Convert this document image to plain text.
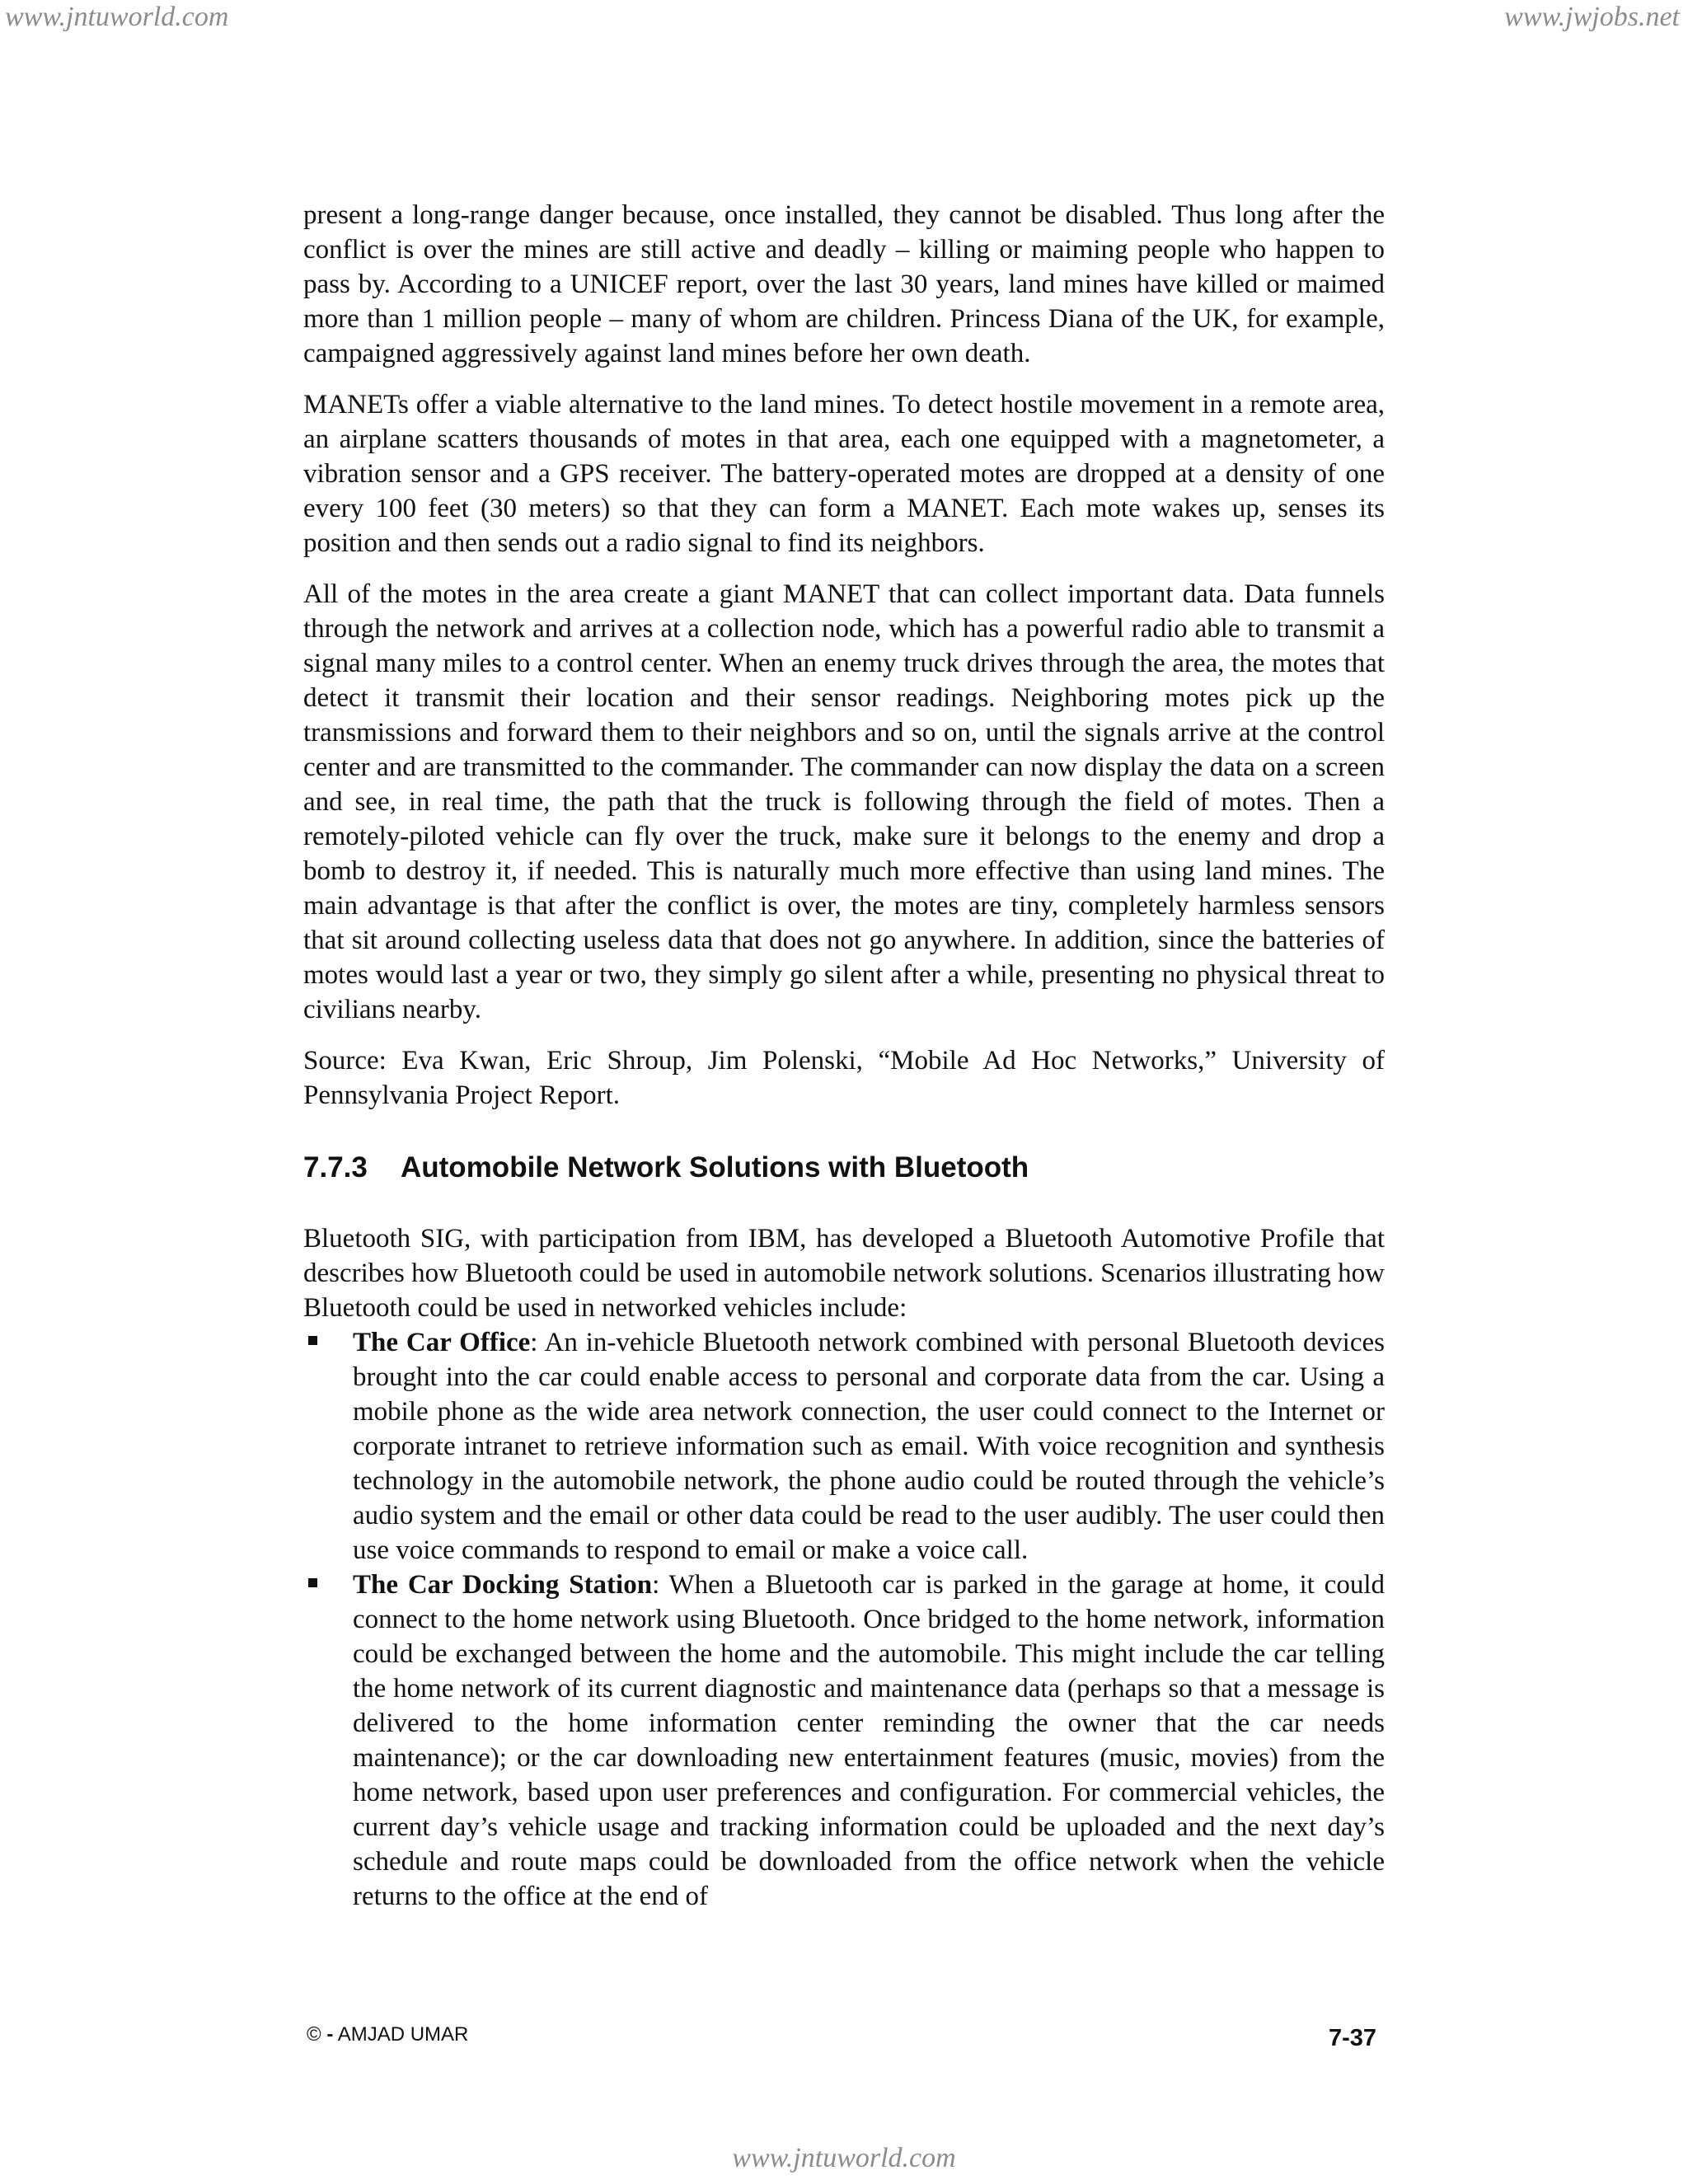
www.jntuworld.com	www.jwjobs.net

present a long-range danger because, once installed, they cannot be disabled. Thus long after the conflict is over the mines are still active and deadly – killing or maiming people who happen to pass by. According to a UNICEF report, over the last 30 years, land mines have killed or maimed more than 1 million people – many of whom are children. Princess Diana of the UK, for example, campaigned aggressively against land mines before her own death.

MANETs offer a viable alternative to the land mines. To detect hostile movement in a remote area, an airplane scatters thousands of motes in that area, each one equipped with a magnetometer, a vibration sensor and a GPS receiver. The battery-operated motes are dropped at a density of one every 100 feet (30 meters) so that they can form a MANET. Each mote wakes up, senses its position and then sends out a radio signal to find its neighbors.

All of the motes in the area create a giant MANET that can collect important data. Data funnels through the network and arrives at a collection node, which has a powerful radio able to transmit a signal many miles to a control center. When an enemy truck drives through the area, the motes that detect it transmit their location and their sensor readings. Neighboring motes pick up the transmissions and forward them to their neighbors and so on, until the signals arrive at the control center and are transmitted to the commander. The commander can now display the data on a screen and see, in real time, the path that the truck is following through the field of motes. Then a remotely-piloted vehicle can fly over the truck, make sure it belongs to the enemy and drop a bomb to destroy it, if needed. This is naturally much more effective than using land mines. The main advantage is that after the conflict is over, the motes are tiny, completely harmless sensors that sit around collecting useless data that does not go anywhere. In addition, since the batteries of motes would last a year or two, they simply go silent after a while, presenting no physical threat to civilians nearby.

Source: Eva Kwan, Eric Shroup, Jim Polenski, “Mobile Ad Hoc Networks,” University of Pennsylvania Project Report.

7.7.3 Automobile Network Solutions with Bluetooth

Bluetooth SIG, with participation from IBM, has developed a Bluetooth Automotive Profile that describes how Bluetooth could be used in automobile network solutions. Scenarios illustrating how Bluetooth could be used in networked vehicles include:

The Car Office: An in-vehicle Bluetooth network combined with personal Bluetooth devices brought into the car could enable access to personal and corporate data from the car. Using a mobile phone as the wide area network connection, the user could connect to the Internet or corporate intranet to retrieve information such as email. With voice recognition and synthesis technology in the automobile network, the phone audio could be routed through the vehicle’s audio system and the email or other data could be read to the user audibly. The user could then use voice commands to respond to email or make a voice call.
The Car Docking Station: When a Bluetooth car is parked in the garage at home, it could connect to the home network using Bluetooth. Once bridged to the home network, information could be exchanged between the home and the automobile. This might include the car telling the home network of its current diagnostic and maintenance data (perhaps so that a message is delivered to the home information center reminding the owner that the car needs maintenance); or the car downloading new entertainment features (music, movies) from the home network, based upon user preferences and configuration. For commercial vehicles, the current day’s vehicle usage and tracking information could be uploaded and the next day’s schedule and route maps could be downloaded from the office network when the vehicle returns to the office at the end of
© - AMJAD UMAR	7-37
www.jntuworld.com
